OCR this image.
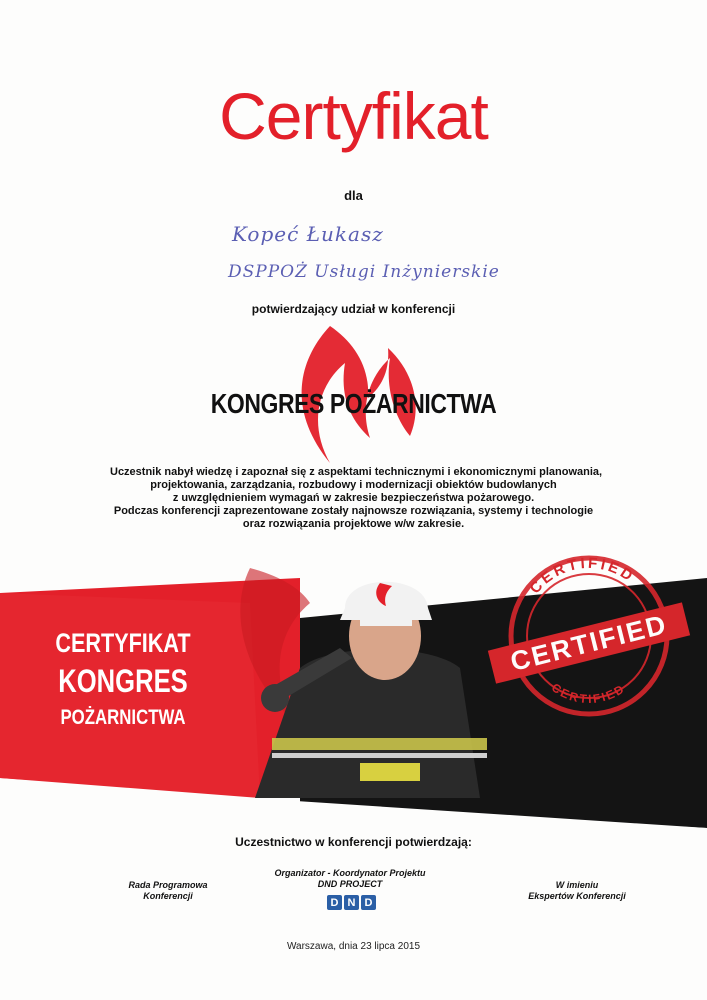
Certyfikat
dla
Kopeć Łukasz
DSPPOŻ Usługi Inżynierskie
potwierdzający udział w konferencji
KONGRES POŻARNICTWA
Uczestnik nabył wiedzę i zapoznał się z aspektami technicznymi i ekonomicznymi planowania,
projektowania, zarządzania, rozbudowy i modernizacji obiektów budowlanych
z uwzględnieniem wymagań w zakresie bezpieczeństwa pożarowego.
Podczas konferencji zaprezentowane zostały najnowsze rozwiązania, systemy i technologie
oraz rozwiązania projektowe w/w zakresie.
CERTYFIKAT
KONGRES
POŻARNICTWA
CERTIFIED
CERTIFIED
CERTIFIED
Uczestnictwo w konferencji potwierdzają:
Rada Programowa
Konferencji
Organizator - Koordynator Projektu
DND PROJECT
D N D
W imieniu
Ekspertów Konferencji
Warszawa, dnia 23 lipca 2015
